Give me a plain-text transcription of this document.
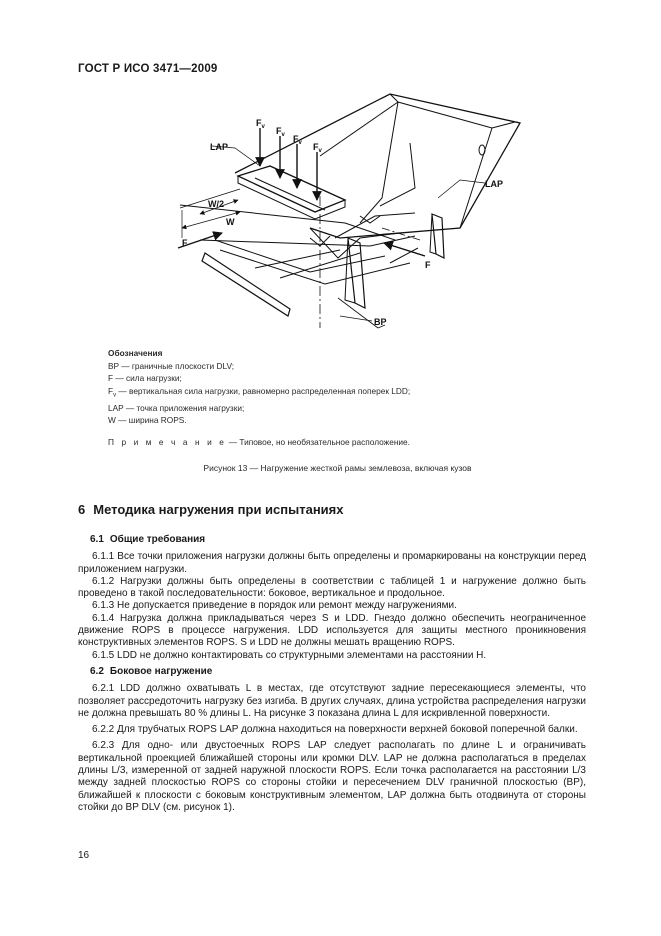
ГОСТ Р ИСО 3471—2009
LAP
LAP
W/2
W
F
F
BP
$F_v$ $F_v$ $F_v$ $F_v$
Обозначения
BP — граничные плоскости DLV;
F — сила нагрузки;
$F_v$ — вертикальная сила нагрузки, равномерно распределенная поперек LDD;
LAP — точка приложения нагрузки;
W — ширина ROPS.
П р и м е ч а н и е — Типовое, но необязательное расположение.
Рисунок 13 — Нагружение жесткой рамы землевоза, включая кузов
6 Методика нагружения при испытаниях
6.1 Общие требования

6.1.1 Все точки приложения нагрузки должны быть определены и промаркированы на конструкции перед приложением нагрузки.

6.1.2 Нагрузки должны быть определены в соответствии с таблицей 1 и нагружение должно быть проведено в такой последовательности: боковое, вертикальное и продольное.

6.1.3 Не допускается приведение в порядок или ремонт между нагружениями.

6.1.4 Нагрузка должна прикладываться через S и LDD. Гнездо должно обеспечить неограниченное движение ROPS в процессе нагружения. LDD используется для защиты местного проникновения конструктивных элементов ROPS. S и LDD не должны мешать вращению ROPS.

6.1.5 LDD не должно контактировать со структурными элементами на расстоянии H.

6.2 Боковое нагружение

6.2.1 LDD должно охватывать L в местах, где отсутствуют задние пересекающиеся элементы, что позволяет рассредоточить нагрузку без изгиба. В других случаях, длина устройства распределения нагрузки не должна превышать 80 % длины L. На рисунке 3 показана длина L для искривленной поверхности.

6.2.2 Для трубчатых ROPS LAP должна находиться на поверхности верхней боковой поперечной балки.

6.2.3 Для одно- или двустоечных ROPS LAP следует располагать по длине L и ограничивать вертикальной проекцией ближайшей стороны или кромки DLV. LAP не должна располагаться в пределах длины L/3, измеренной от задней наружной плоскости ROPS. Если точка располагается на расстоянии L/3 между задней плоскостью ROPS со стороны стойки и пересечением DLV граничной плоскостью (BP), ближайшей к плоскости с боковым конструктивным элементом, LAP должна быть отодвинута от стороны стойки до BP DLV (см. рисунок 1).

16
